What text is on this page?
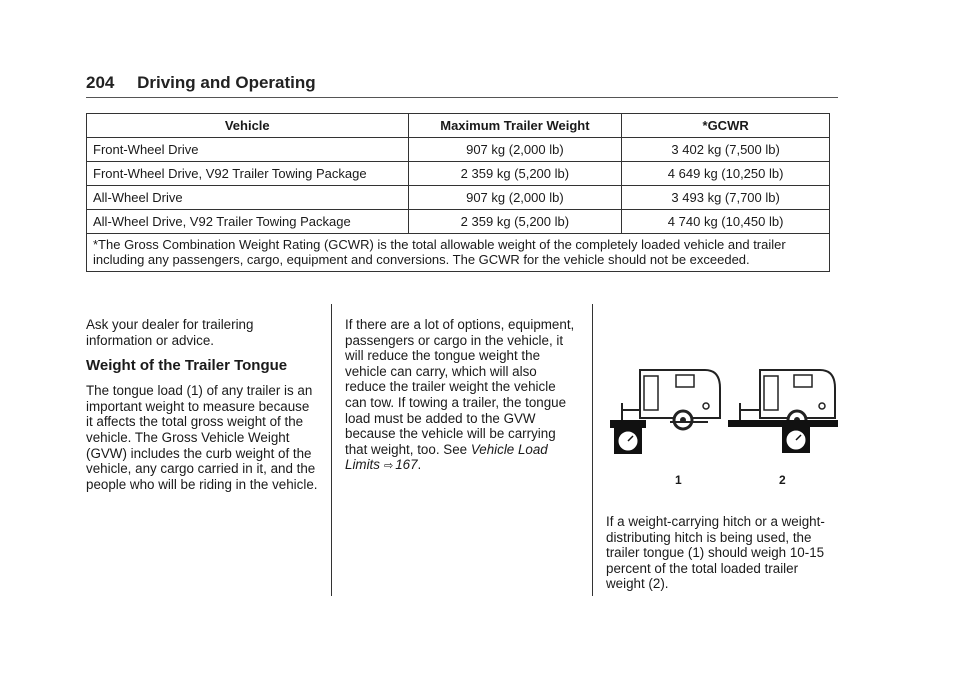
204 Driving and Operating
Vehicle	Maximum Trailer Weight	*GCWR
Front-Wheel Drive	907 kg (2,000 lb)	3 402 kg (7,500 lb)
Front-Wheel Drive, V92 Trailer Towing Package	2 359 kg (5,200 lb)	4 649 kg (10,250 lb)
All-Wheel Drive	907 kg (2,000 lb)	3 493 kg (7,700 lb)
All-Wheel Drive, V92 Trailer Towing Package	2 359 kg (5,200 lb)	4 740 kg (10,450 lb)
*The Gross Combination Weight Rating (GCWR) is the total allowable weight of the completely loaded vehicle and trailer including any passengers, cargo, equipment and conversions. The GCWR for the vehicle should not be exceeded.		

Ask your dealer for trailering information or advice.

Weight of the Trailer Tongue

The tongue load (1) of any trailer is an important weight to measure because it affects the total gross weight of the vehicle. The Gross Vehicle Weight (GVW) includes the curb weight of the vehicle, any cargo carried in it, and the people who will be riding in the vehicle.

If there are a lot of options, equipment, passengers or cargo in the vehicle, it will reduce the tongue weight the vehicle can carry, which will also reduce the trailer weight the vehicle can tow. If towing a trailer, the tongue load must be added to the GVW because the vehicle will be carrying that weight, too. See Vehicle Load Limits ⇨ 167.

1	2

If a weight-carrying hitch or a weight-distributing hitch is being used, the trailer tongue (1) should weigh 10-15 percent of the total loaded trailer weight (2).
